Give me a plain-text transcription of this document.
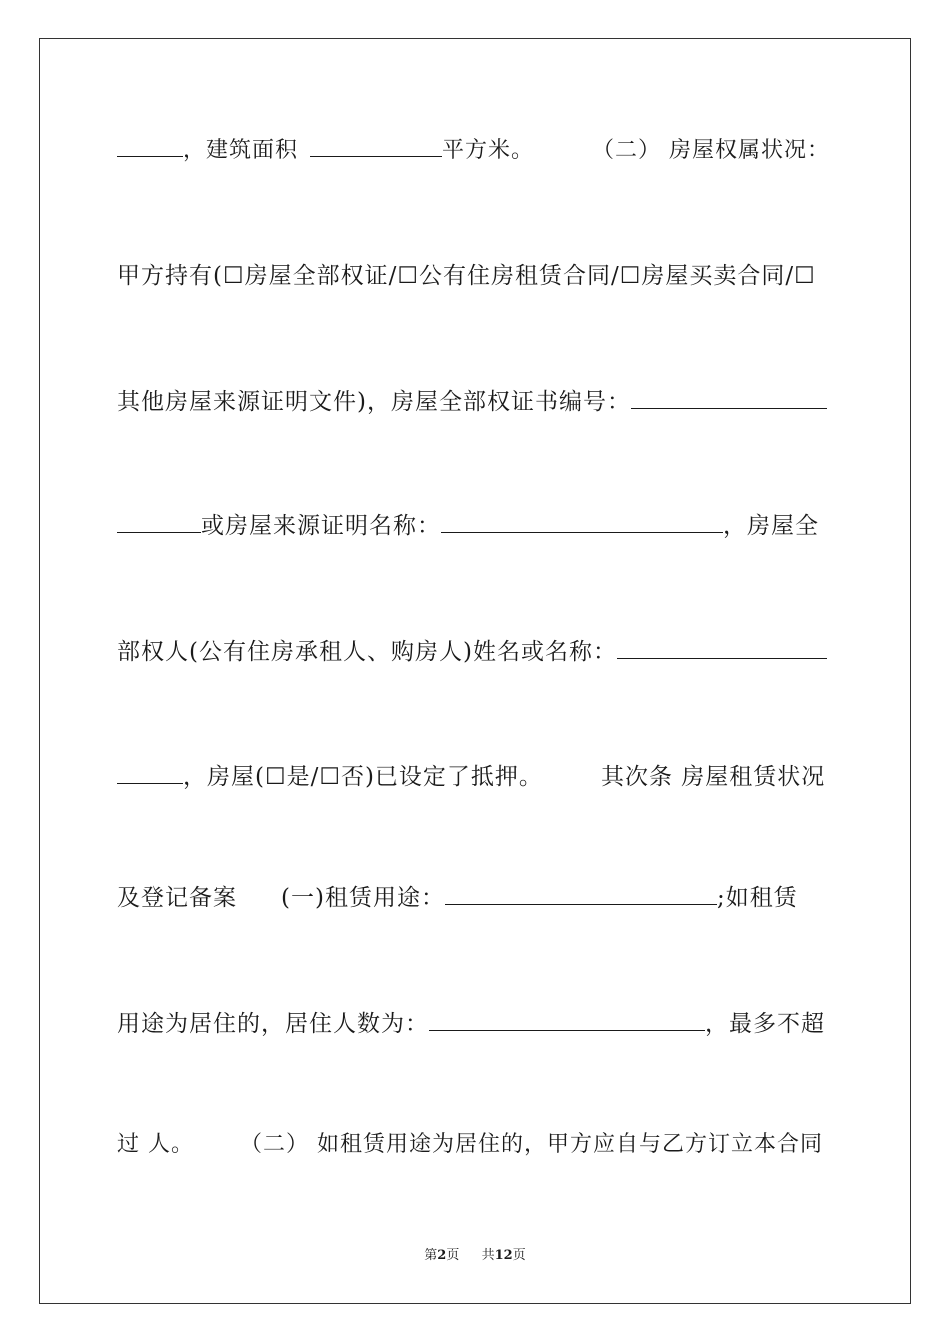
，建筑面积	平方米。	（二） 房屋权属状况：
甲方持有(☐房屋全部权证/☐公有住房租赁合同/☐房屋买卖合同/☐
其他房屋来源证明文件)，房屋全部权证书编号：
或房屋来源证明名称：	，房屋全
部权人(公有住房承租人、购房人)姓名或名称：
，房屋(☐是/☐否)已设定了抵押。	其次条 房屋租赁状况
及登记备案 (一)租赁用途：	;如租赁
用途为居住的，居住人数为：	，最多不超
过 人。 （二） 如租赁用途为居住的，甲方应自与乙方订立本合同
第2页 共12页
